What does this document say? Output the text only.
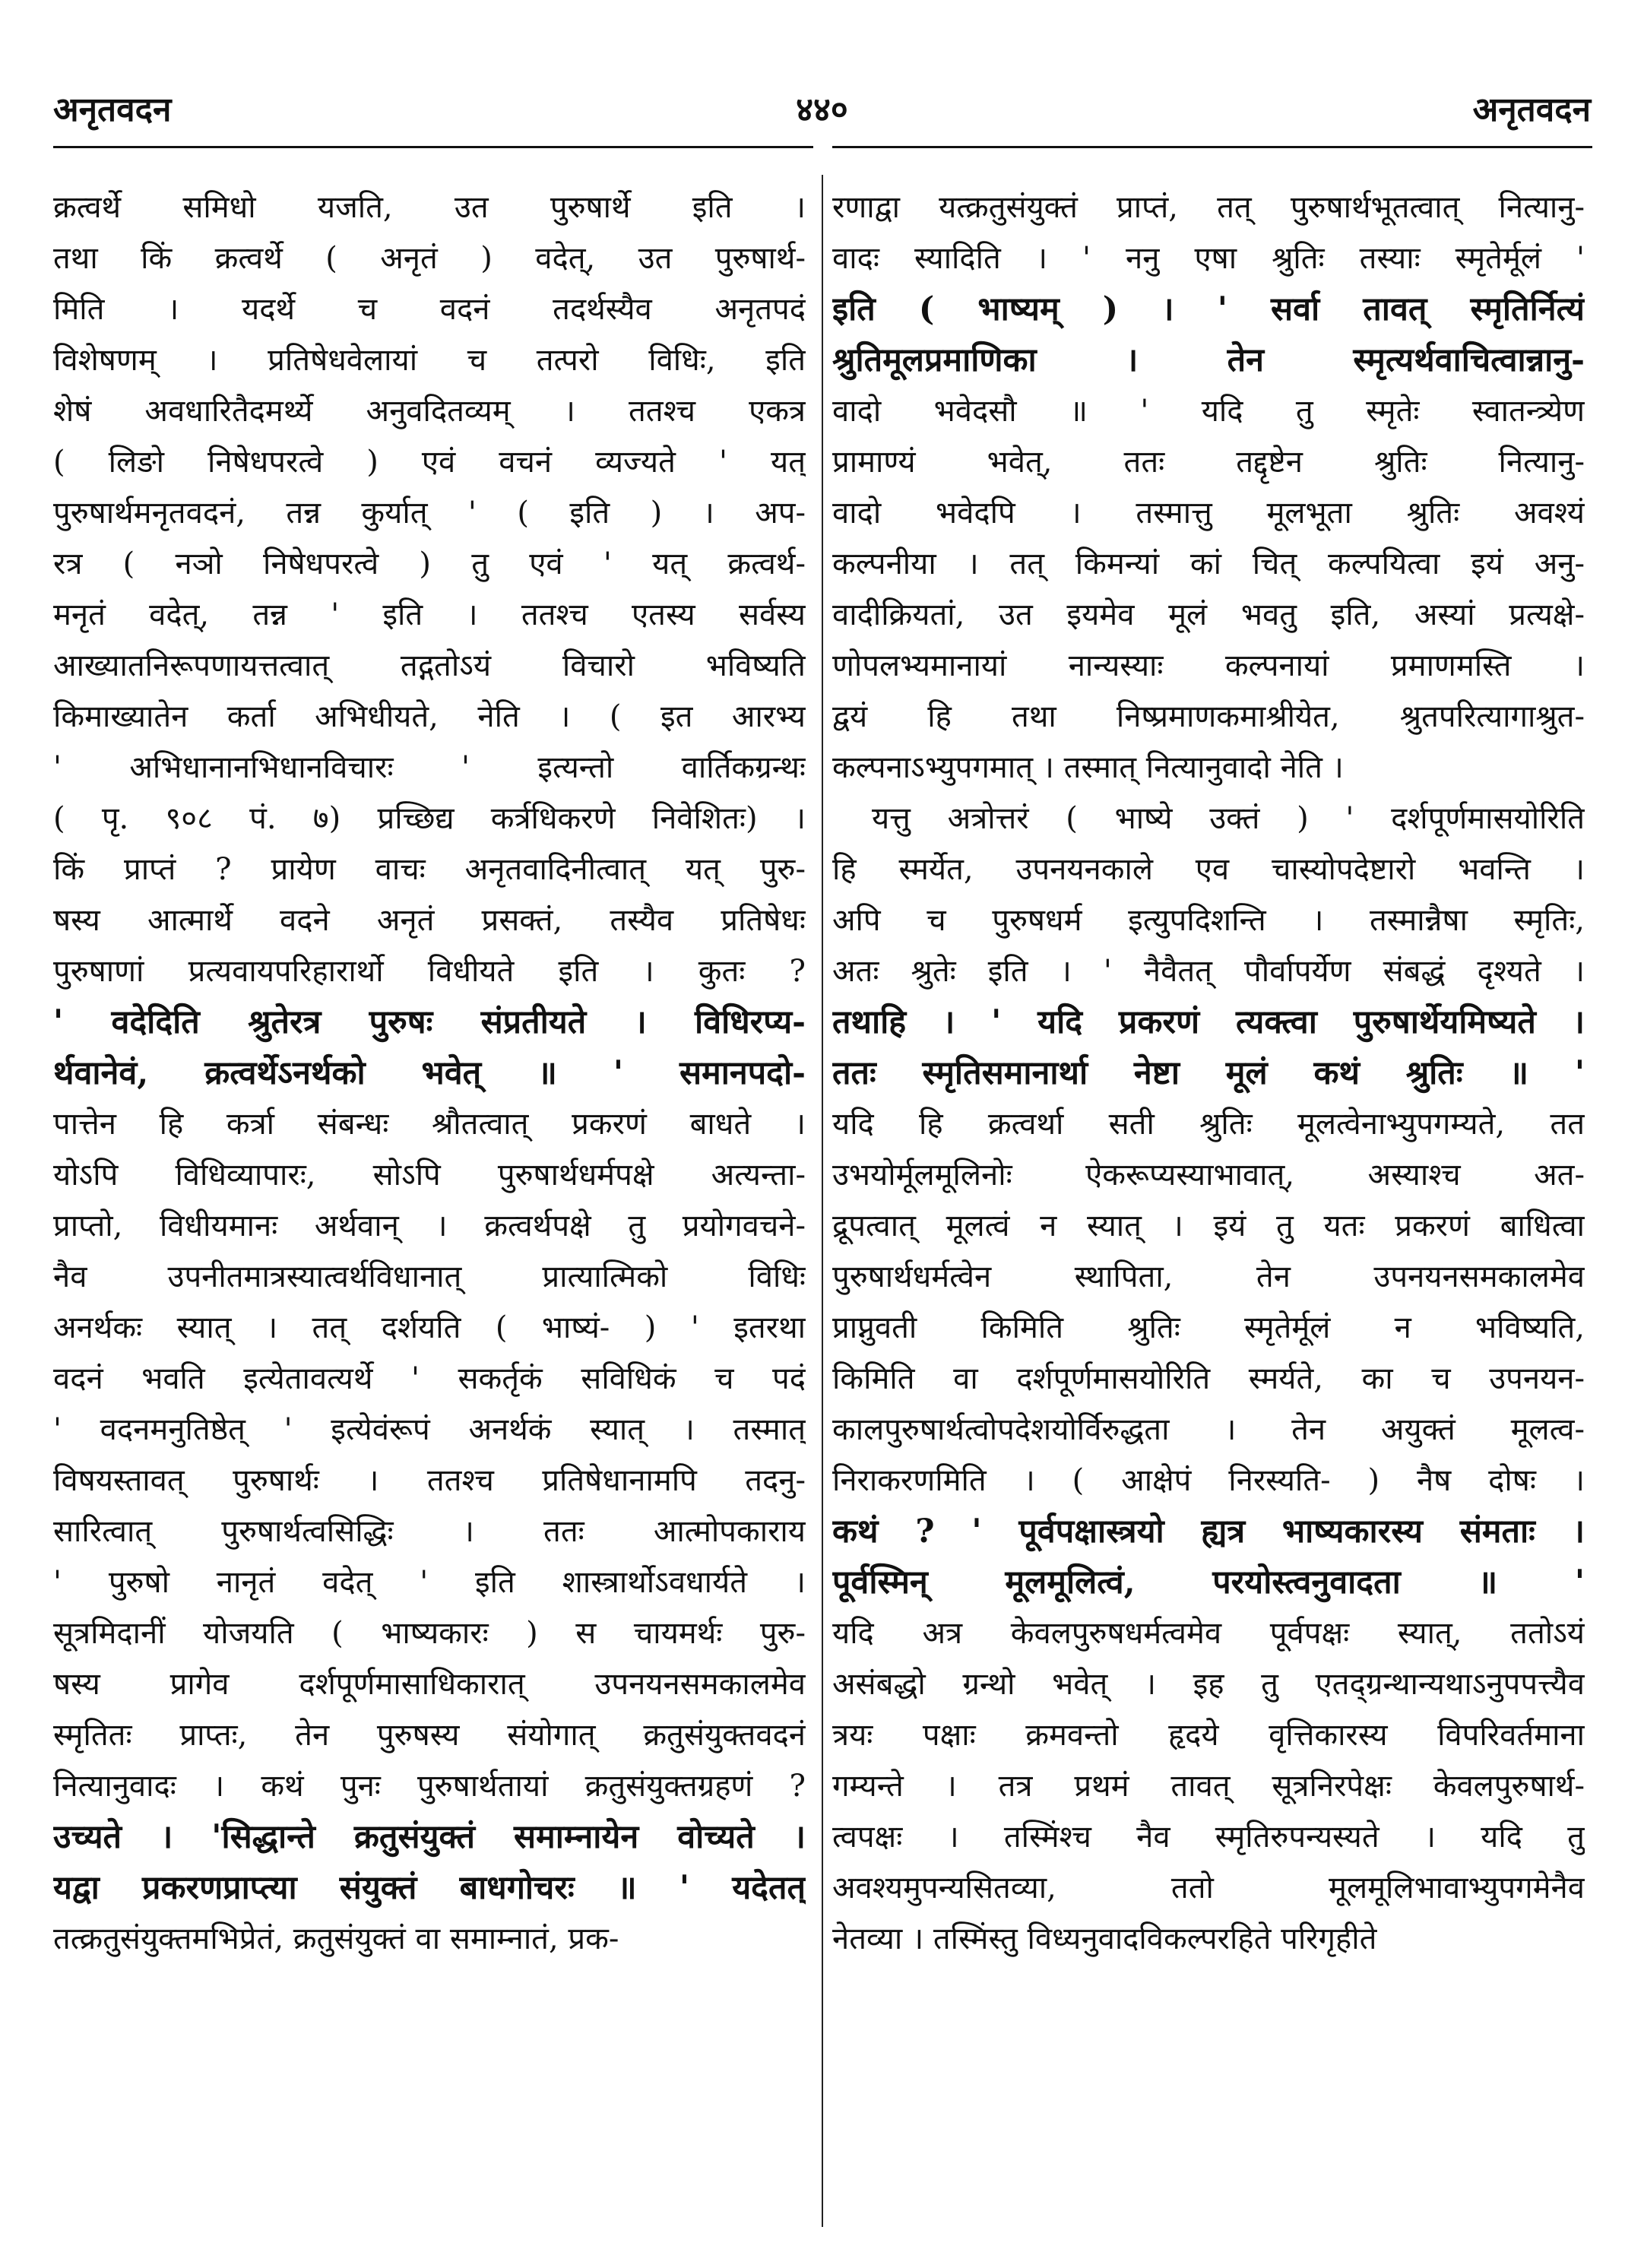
अनृतवदन	४४०	अनृतवदन
क्रत्वर्थे समिधो यजति, उत पुरुषार्थे इति ।
तथा किं क्रत्वर्थे ( अनृतं ) वदेत्, उत पुरुषार्थ-
मिति । यदर्थे च वदनं तदर्थस्यैव अनृतपदं
विशेषणम् । प्रतिषेधवेलायां च तत्परो विधिः, इति
शेषं अवधारितैदमर्थ्ये अनुवदितव्यम् । ततश्च एकत्र
( लिङो निषेधपरत्वे ) एवं वचनं व्यज्यते ' यत्
पुरुषार्थमनृतवदनं, तन्न कुर्यात् ' ( इति ) । अप-
रत्र ( नञो निषेधपरत्वे ) तु एवं ' यत् क्रत्वर्थ-
मनृतं वदेत्, तन्न ' इति । ततश्च एतस्य सर्वस्य
आख्यातनिरूपणायत्तत्वात् तद्गतोऽयं विचारो भविष्यति
किमाख्यातेन कर्ता अभिधीयते, नेति । ( इत आरभ्य
' अभिधानानभिधानविचारः ' इत्यन्तो वार्तिकग्रन्थः
( पृ. ९०८ पं. ७) प्रच्छिद्य कर्त्रधिकरणे निवेशितः) ।
किं प्राप्तं ? प्रायेण वाचः अनृतवादिनीत्वात् यत् पुरु-
षस्य आत्मार्थे वदने अनृतं प्रसक्तं, तस्यैव प्रतिषेधः
पुरुषाणां प्रत्यवायपरिहारार्थो विधीयते इति । कुतः ?
' वदेदिति श्रुतेरत्र पुरुषः संप्रतीयते । विधिरप्य-
र्थवानेवं, क्रत्वर्थेऽनर्थको भवेत् ॥ ' समानपदो-
पात्तेन हि कर्त्रा संबन्धः श्रौतत्वात् प्रकरणं बाधते ।
योऽपि विधिव्यापारः, सोऽपि पुरुषार्थधर्मपक्षे अत्यन्ता-
प्राप्तो, विधीयमानः अर्थवान् । क्रत्वर्थपक्षे तु प्रयोगवचने-
नैव उपनीतमात्रस्यात्वर्थविधानात् प्रात्यात्मिको विधिः
अनर्थकः स्यात् । तत् दर्शयति ( भाष्यं- ) ' इतरथा
वदनं भवति इत्येतावत्यर्थे ' सकर्तृकं सविधिकं च पदं
' वदनमनुतिष्ठेत् ' इत्येवंरूपं अनर्थकं स्यात् । तस्मात्
विषयस्तावत् पुरुषार्थः । ततश्च प्रतिषेधानामपि तदनु-
सारित्वात् पुरुषार्थत्वसिद्धिः । ततः आत्मोपकाराय
' पुरुषो नानृतं वदेत् ' इति शास्त्रार्थोऽवधार्यते ।
सूत्रमिदानीं योजयति ( भाष्यकारः ) स चायमर्थः पुरु-
षस्य प्रागेव दर्शपूर्णमासाधिकारात् उपनयनसमकालमेव
स्मृतितः प्राप्तः, तेन पुरुषस्य संयोगात् क्रतुसंयुक्तवदनं
नित्यानुवादः । कथं पुनः पुरुषार्थतायां क्रतुसंयुक्तग्रहणं ?
उच्यते । 'सिद्धान्ते क्रतुसंयुक्तं समाम्नायेन वोच्यते ।
यद्वा प्रकरणप्राप्त्या संयुक्तं बाधगोचरः ॥ ' यदेतत्
तत्क्रतुसंयुक्तमभिप्रेतं, क्रतुसंयुक्तं वा समाम्नातं, प्रक-
रणाद्वा यत्क्रतुसंयुक्तं प्राप्तं, तत् पुरुषार्थभूतत्वात् नित्यानु-
वादः स्यादिति । ' ननु एषा श्रुतिः तस्याः स्मृतेर्मूलं '
इति ( भाष्यम् ) । ' सर्वा तावत् स्मृतिर्नित्यं
श्रुतिमूलप्रमाणिका । तेन स्मृत्यर्थवाचित्वान्नानु-
वादो भवेदसौ ॥ ' यदि तु स्मृतेः स्वातन्त्र्येण
प्रामाण्यं भवेत्, ततः तद्दृष्टेन श्रुतिः नित्यानु-
वादो भवेदपि । तस्मात्तु मूलभूता श्रुतिः अवश्यं
कल्पनीया । तत् किमन्यां कां चित् कल्पयित्वा इयं अनु-
वादीक्रियतां, उत इयमेव मूलं भवतु इति, अस्यां प्रत्यक्षे-
णोपलभ्यमानायां नान्यस्याः कल्पनायां प्रमाणमस्ति ।
द्वयं हि तथा निष्प्रमाणकमाश्रीयेत, श्रुतपरित्यागाश्रुत-
कल्पनाऽभ्युपगमात् । तस्मात् नित्यानुवादो नेति ।
यत्तु अत्रोत्तरं ( भाष्ये उक्तं ) ' दर्शपूर्णमासयोरिति
हि स्मर्येत, उपनयनकाले एव चास्योपदेष्टारो भवन्ति ।
अपि च पुरुषधर्म इत्युपदिशन्ति । तस्मान्नैषा स्मृतिः,
अतः श्रुतेः इति । ' नैवैतत् पौर्वापर्येण संबद्धं दृश्यते ।
तथाहि । ' यदि प्रकरणं त्यक्त्वा पुरुषार्थेयमिष्यते ।
ततः स्मृतिसमानार्था नेष्टा मूलं कथं श्रुतिः ॥ '
यदि हि क्रत्वर्था सती श्रुतिः मूलत्वेनाभ्युपगम्यते, तत
उभयोर्मूलमूलिनोः ऐकरूप्यस्याभावात्, अस्याश्च अत-
द्रूपत्वात् मूलत्वं न स्यात् । इयं तु यतः प्रकरणं बाधित्वा
पुरुषार्थधर्मत्वेन स्थापिता, तेन उपनयनसमकालमेव
प्राप्नुवती किमिति श्रुतिः स्मृतेर्मूलं न भविष्यति,
किमिति वा दर्शपूर्णमासयोरिति स्मर्यते, का च उपनयन-
कालपुरुषार्थत्वोपदेशयोर्विरुद्धता । तेन अयुक्तं मूलत्व-
निराकरणमिति । ( आक्षेपं निरस्यति- ) नैष दोषः ।
कथं ? ' पूर्वपक्षास्त्रयो ह्यत्र भाष्यकारस्य संमताः ।
पूर्वस्मिन् मूलमूलित्वं, परयोस्त्वनुवादता ॥ '
यदि अत्र केवलपुरुषधर्मत्वमेव पूर्वपक्षः स्यात्, ततोऽयं
असंबद्धो ग्रन्थो भवेत् । इह तु एतद्ग्रन्थान्यथाऽनुपपत्त्यैव
त्रयः पक्षाः क्रमवन्तो हृदये वृत्तिकारस्य विपरिवर्तमाना
गम्यन्ते । तत्र प्रथमं तावत् सूत्रनिरपेक्षः केवलपुरुषार्थ-
त्वपक्षः । तस्मिंश्च नैव स्मृतिरुपन्यस्यते । यदि तु
अवश्यमुपन्यसितव्या, ततो मूलमूलिभावाभ्युपगमेनैव
नेतव्या । तस्मिंस्तु विध्यनुवादविकल्परहिते परिगृहीते
